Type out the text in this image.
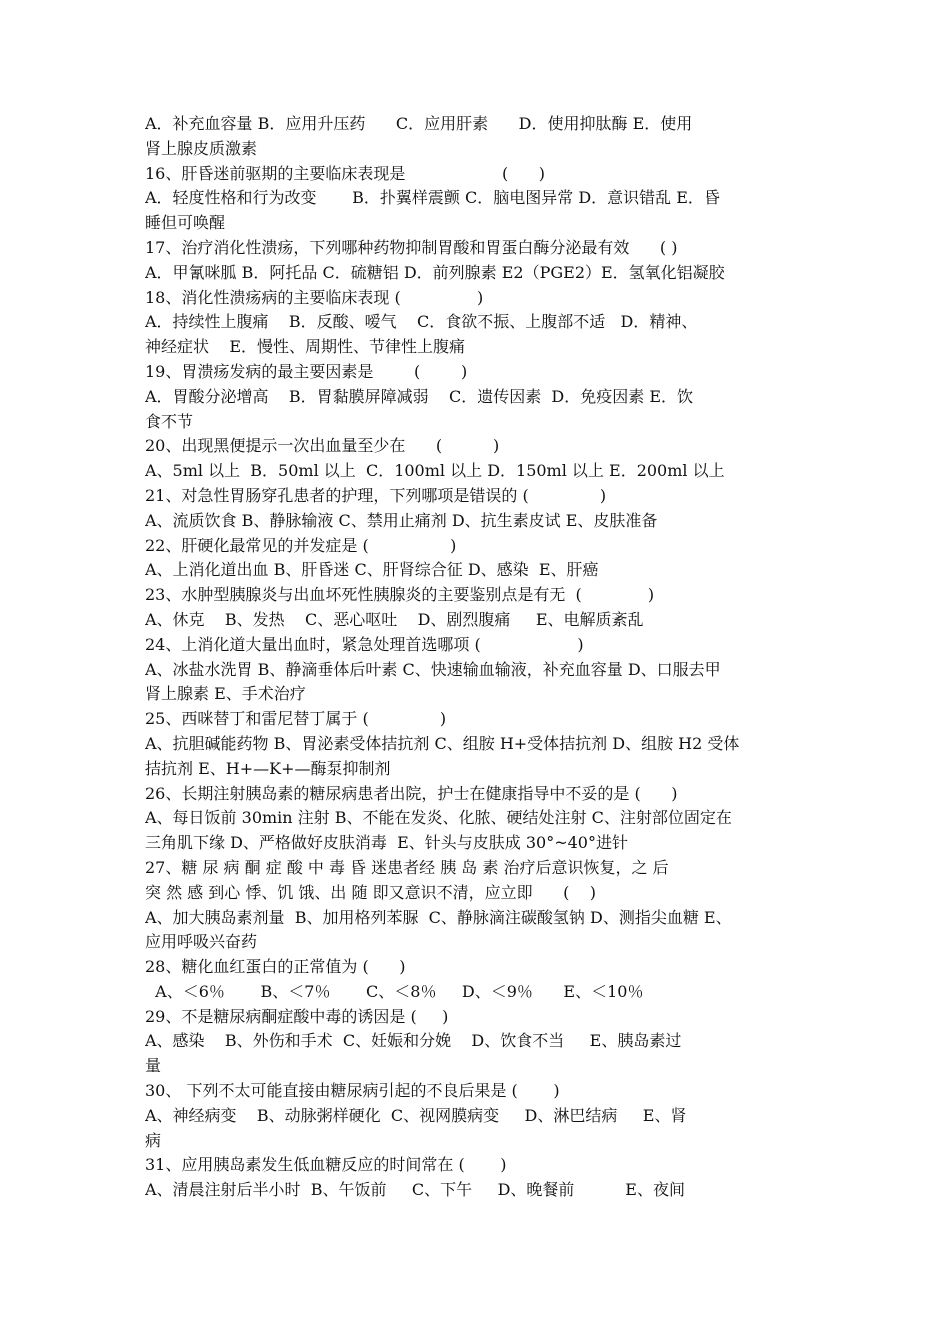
A．补充血容量 B．应用升压药      C．应用肝素      D．使用抑肽酶 E．使用
肾上腺皮质激素
16、肝昏迷前驱期的主要临床表现是                   (      )
A．轻度性格和行为改变       B．扑翼样震颤 C．脑电图异常 D．意识错乱 E．昏
睡但可唤醒
17、治疗消化性溃疡，下列哪种药物抑制胃酸和胃蛋白酶分泌最有效      ( )
A．甲氰咪胍 B．阿托品 C．硫糖铝 D．前列腺素 E2（PGE2）E．氢氧化铝凝胶
18、消化性溃疡病的主要临床表现 (               )
A．持续性上腹痛    B．反酸、嗳气    C．食欲不振、上腹部不适   D．精神、
神经症状    E．慢性、周期性、节律性上腹痛
19、胃溃疡发病的最主要因素是        (        )
A．胃酸分泌增高    B．胃黏膜屏障减弱    C．遗传因素  D．免疫因素 E．饮
食不节
20、出现黑便提示一次出血量至少在      (          )
A、5ml 以上  B．50ml 以上  C．100ml 以上 D．150ml 以上 E．200ml 以上
21、对急性胃肠穿孔患者的护理，下列哪项是错误的 (              )
A、流质饮食 B、静脉输液 C、禁用止痛剂 D、抗生素皮试 E、皮肤准备
22、肝硬化最常见的并发症是 (                )
A、上消化道出血 B、肝昏迷 C、肝肾综合征 D、感染  E、肝癌
23、水肿型胰腺炎与出血坏死性胰腺炎的主要鉴别点是有无  (             )
A、休克    B、发热    C、恶心呕吐    D、剧烈腹痛     E、电解质紊乱
24、上消化道大量出血时，紧急处理首选哪项 (                   )
A、冰盐水洗胃 B、静滴垂体后叶素 C、快速输血输液，补充血容量 D、口服去甲
肾上腺素 E、手术治疗
25、西咪替丁和雷尼替丁属于 (              )
A、抗胆碱能药物 B、胃泌素受体拮抗剂 C、组胺 H+受体拮抗剂 D、组胺 H2 受体
拮抗剂 E、H+—K+—酶泵抑制剂
26、长期注射胰岛素的糖尿病患者出院，护士在健康指导中不妥的是 (      )
A、每日饭前 30min 注射 B、不能在发炎、化脓、硬结处注射 C、注射部位固定在
三角肌下缘 D、严格做好皮肤消毒  E、针头与皮肤成 30°~40°进针
27、糖 尿 病 酮 症 酸 中 毒 昏 迷患者经 胰 岛 素 治疗后意识恢复，之 后
突 然 感 到心 悸、饥 饿、出 随 即又意识不清，应立即      (    )
A、加大胰岛素剂量  B、加用格列苯脲  C、静脉滴注碳酸氢钠 D、测指尖血糖 E、
应用呼吸兴奋药
28、糖化血红蛋白的正常值为 (      )
A、＜6％       B、＜7％       C、＜8％     D、＜9％      E、＜10％
29、不是糖尿病酮症酸中毒的诱因是 (     )
A、感染    B、外伤和手术  C、妊娠和分娩    D、饮食不当     E、胰岛素过
量
30、 下列不太可能直接由糖尿病引起的不良后果是 (       )
A、神经病变    B、动脉粥样硬化  C、视网膜病变     D、淋巴结病     E、肾
病
31、应用胰岛素发生低血糖反应的时间常在 (       )
A、清晨注射后半小时  B、午饭前     C、下午     D、晚餐前          E、夜间
